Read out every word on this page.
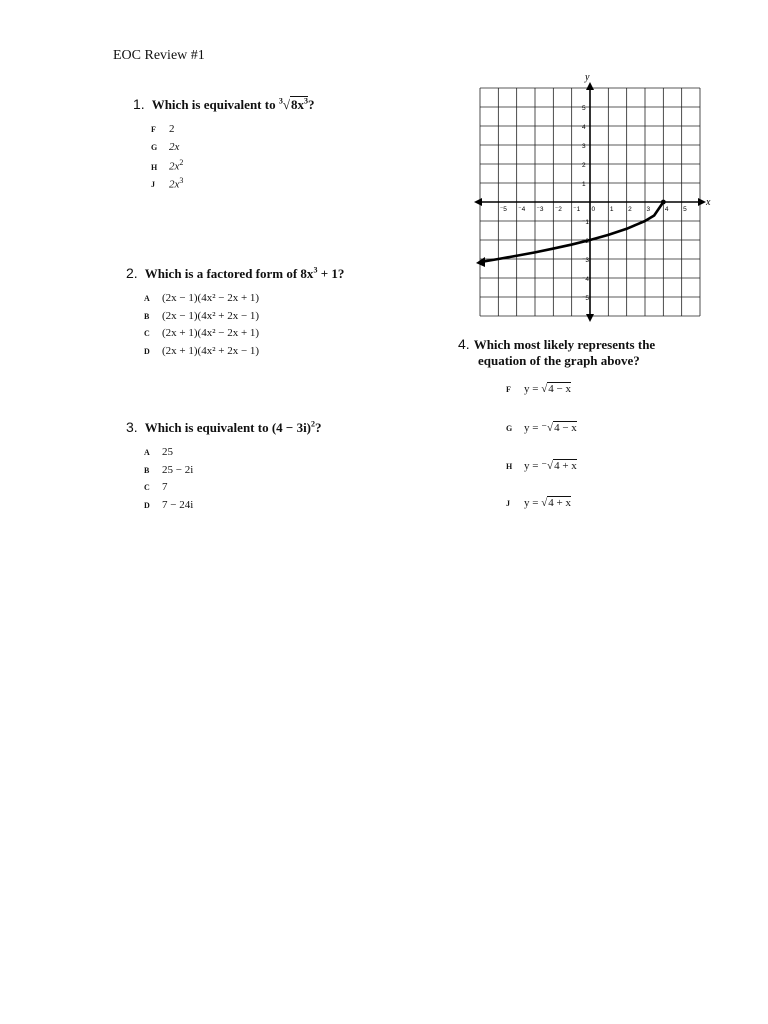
EOC Review #1
1. Which is equivalent to $^3√8x^3$?
F 2
G 2x
H $2x^2$
J $2x^3$
2. Which is a factored form of $8x^3 + 1$?
A (2x − 1)(4x² − 2x + 1)
B (2x − 1)(4x² + 2x − 1)
C (2x + 1)(4x² − 2x + 1)
D (2x + 1)(4x² + 2x − 1)
3. Which is equivalent to $(4 - 3i)^2$?
A 25
B 25 − 2i
C 7
D 7 − 24i
⁻5 ⁻4 ⁻3 ⁻2 ⁻1 0 1 2 3 4 5
5
4
3
2
1
⁻1
⁻2
⁻3
⁻4
⁻5
x
y
4. Which most likely represents the
equation of the graph above?
F y = √4 − x
G y = ⁻√4 − x
H y = ⁻√4 + x
J y = √4 + x
